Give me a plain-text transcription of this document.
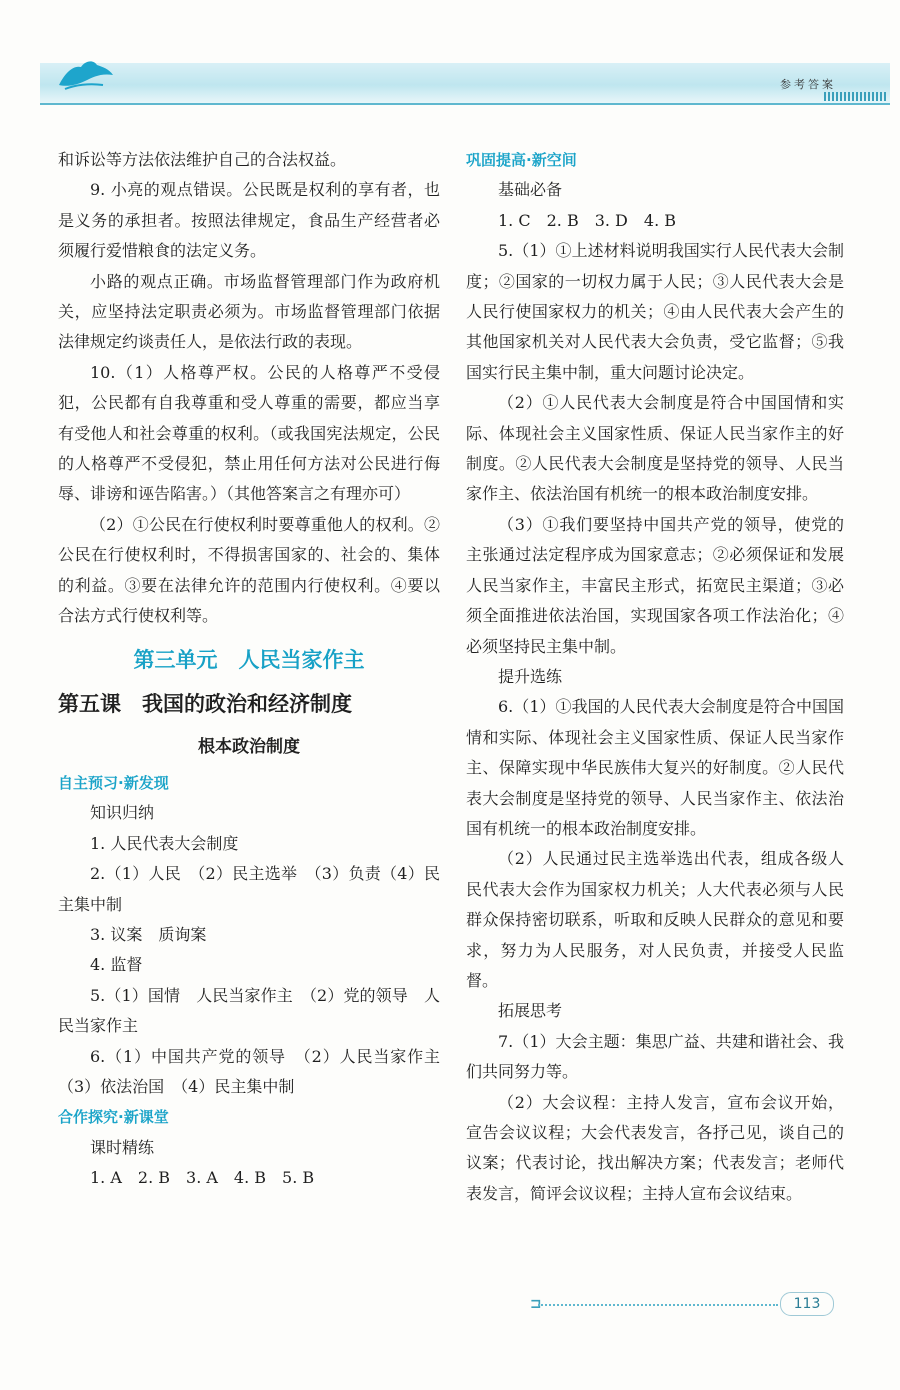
参考答案

和诉讼等方法依法维护自己的合法权益。

9. 小亮的观点错误。公民既是权利的享有者，也是义务的承担者。按照法律规定，食品生产经营者必须履行爱惜粮食的法定义务。

小路的观点正确。市场监督管理部门作为政府机关，应坚持法定职责必须为。市场监督管理部门依据法律规定约谈责任人，是依法行政的表现。

10.（1）人格尊严权。公民的人格尊严不受侵犯，公民都有自我尊重和受人尊重的需要，都应当享有受他人和社会尊重的权利。（或我国宪法规定，公民的人格尊严不受侵犯，禁止用任何方法对公民进行侮辱、诽谤和诬告陷害。）（其他答案言之有理亦可）

（2）①公民在行使权利时要尊重他人的权利。②公民在行使权利时，不得损害国家的、社会的、集体的利益。③要在法律允许的范围内行使权利。④要以合法方式行使权利等。

第三单元　人民当家作主
第五课　我国的政治和经济制度
根本政治制度

自主预习·新发现

知识归纳

1. 人民代表大会制度

2.（1）人民　（2）民主选举　（3）负责（4）民主集中制

3. 议案　质询案

4. 监督

5.（1）国情　人民当家作主　（2）党的领导　人民当家作主

6.（1）中国共产党的领导　（2）人民当家作主　（3）依法治国　（4）民主集中制

合作探究·新课堂

课时精练

1. A　2. B　3. A　4. B　5. B

巩固提高·新空间

基础必备

1. C　2. B　3. D　4. B

5.（1）①上述材料说明我国实行人民代表大会制度；②国家的一切权力属于人民；③人民代表大会是人民行使国家权力的机关；④由人民代表大会产生的其他国家机关对人民代表大会负责，受它监督；⑤我国实行民主集中制，重大问题讨论决定。

（2）①人民代表大会制度是符合中国国情和实际、体现社会主义国家性质、保证人民当家作主的好制度。②人民代表大会制度是坚持党的领导、人民当家作主、依法治国有机统一的根本政治制度安排。

（3）①我们要坚持中国共产党的领导，使党的主张通过法定程序成为国家意志；②必须保证和发展人民当家作主，丰富民主形式，拓宽民主渠道；③必须全面推进依法治国，实现国家各项工作法治化；④必须坚持民主集中制。

提升选练

6.（1）①我国的人民代表大会制度是符合中国国情和实际、体现社会主义国家性质、保证人民当家作主、保障实现中华民族伟大复兴的好制度。②人民代表大会制度是坚持党的领导、人民当家作主、依法治国有机统一的根本政治制度安排。

（2）人民通过民主选举选出代表，组成各级人民代表大会作为国家权力机关；人大代表必须与人民群众保持密切联系，听取和反映人民群众的意见和要求，努力为人民服务，对人民负责，并接受人民监督。

拓展思考

7.（1）大会主题：集思广益、共建和谐社会、我们共同努力等。

（2）大会议程：主持人发言，宣布会议开始，宣告会议议程；大会代表发言，各抒己见，谈自己的议案；代表讨论，找出解决方案；代表发言；老师代表发言，简评会议议程；主持人宣布会议结束。

⊐	113
